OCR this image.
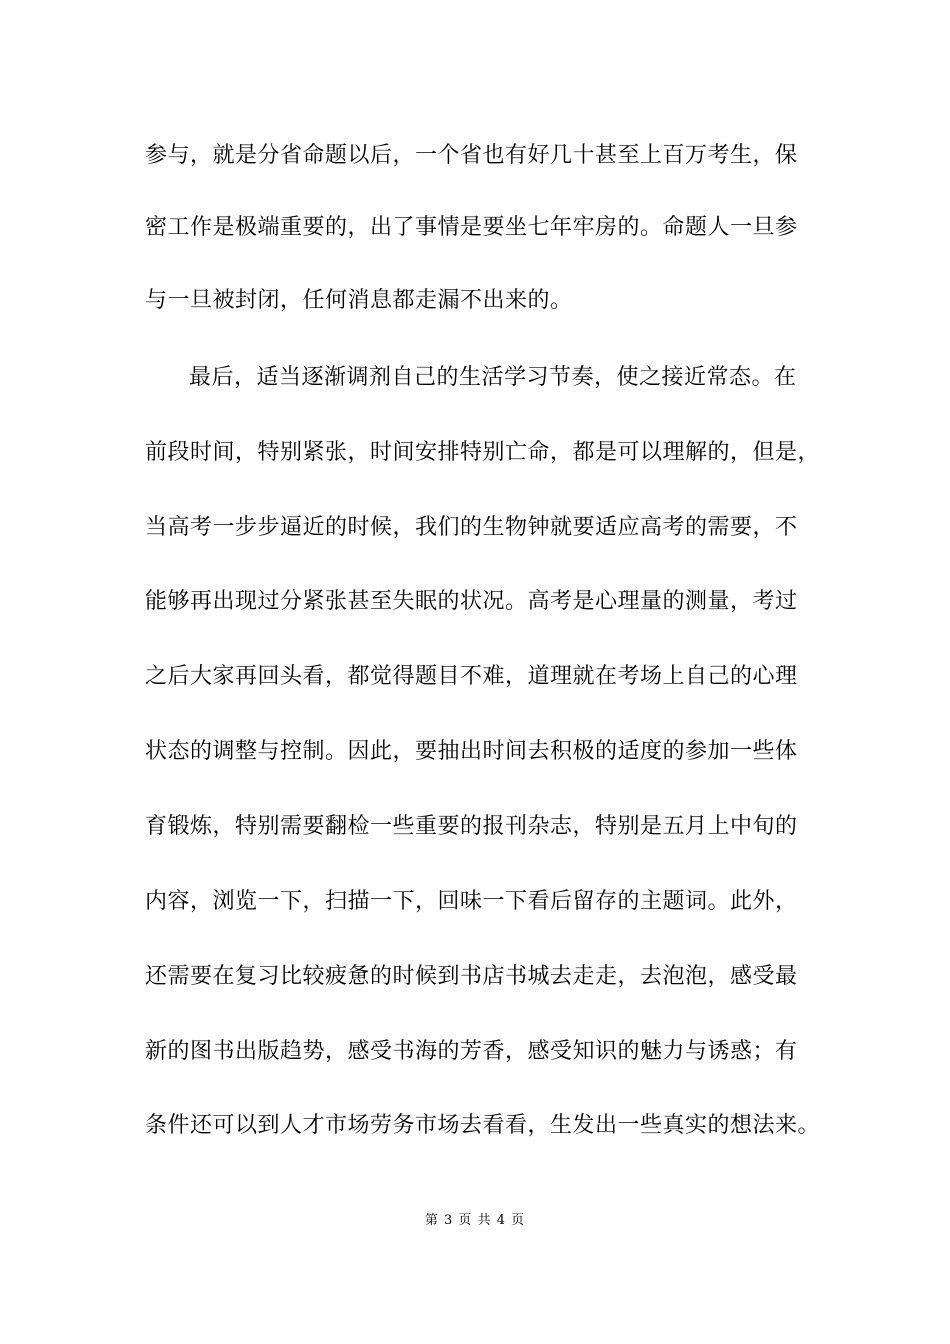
参与，就是分省命题以后，一个省也有好几十甚至上百万考生，保
密工作是极端重要的，出了事情是要坐七年牢房的。命题人一旦参
与一旦被封闭，任何消息都走漏不出来的。
最后，适当逐渐调剂自己的生活学习节奏，使之接近常态。在
前段时间，特别紧张，时间安排特别亡命，都是可以理解的，但是，
当高考一步步逼近的时候，我们的生物钟就要适应高考的需要，不
能够再出现过分紧张甚至失眠的状况。高考是心理量的测量，考过
之后大家再回头看，都觉得题目不难，道理就在考场上自己的心理
状态的调整与控制。因此，要抽出时间去积极的适度的参加一些体
育锻炼，特别需要翻检一些重要的报刊杂志，特别是五月上中旬的
内容，浏览一下，扫描一下，回味一下看后留存的主题词。此外，
还需要在复习比较疲惫的时候到书店书城去走走，去泡泡，感受最
新的图书出版趋势，感受书海的芳香，感受知识的魅力与诱惑；有
条件还可以到人才市场劳务市场去看看，生发出一些真实的想法来。
第 3 页 共 4 页
